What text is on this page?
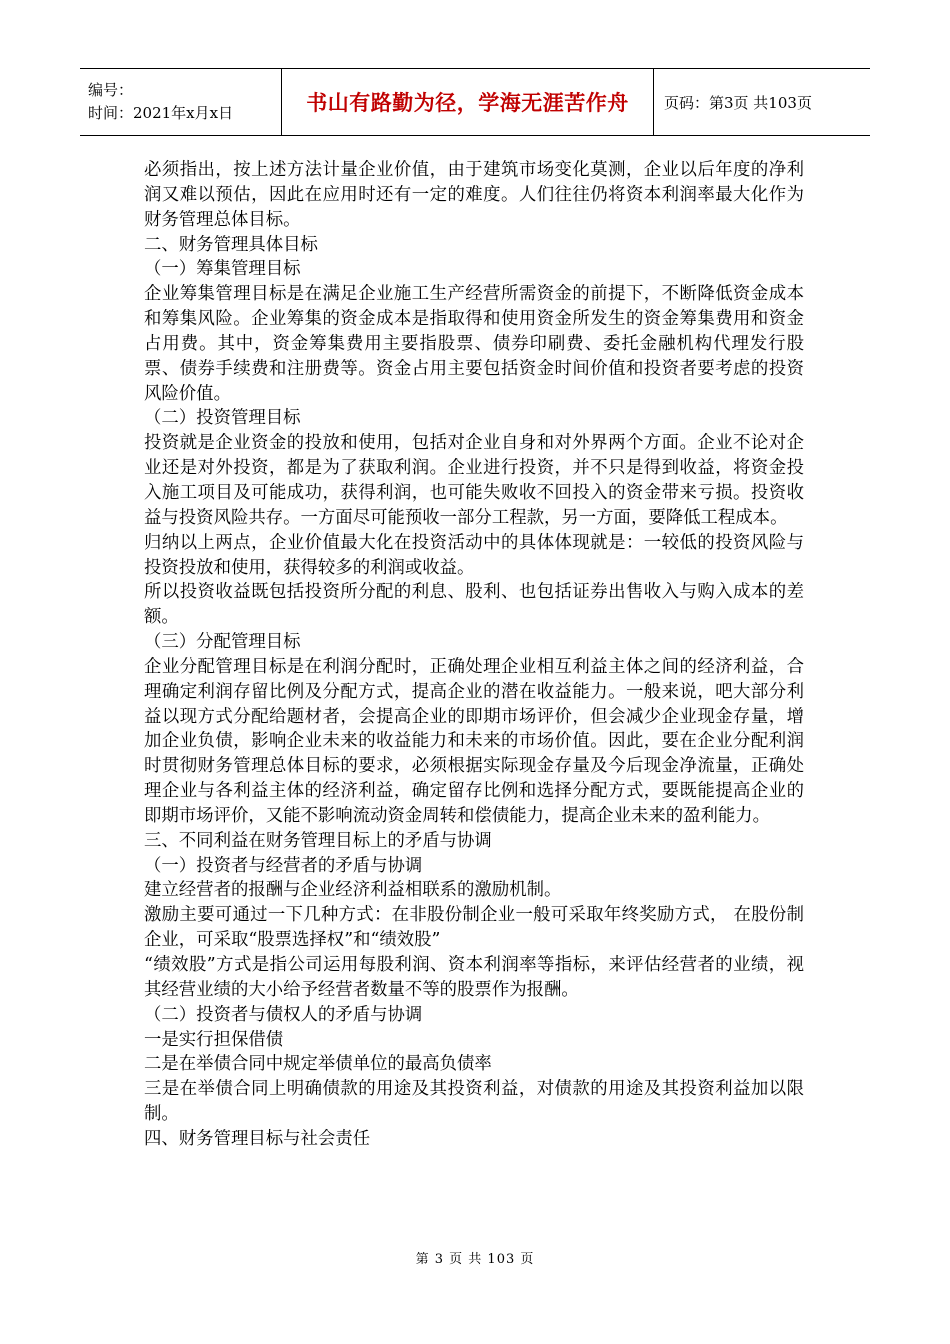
编号：
时间：2021年x月x日	书山有路勤为径，学海无涯苦作舟	页码：第3页 共103页

必须指出，按上述方法计量企业价值，由于建筑市场变化莫测，企业以后年度的净利润又难以预估，因此在应用时还有一定的难度。人们往往仍将资本利润率最大化作为财务管理总体目标。

二、财务管理具体目标

（一）筹集管理目标

企业筹集管理目标是在满足企业施工生产经营所需资金的前提下，不断降低资金成本和筹集风险。企业筹集的资金成本是指取得和使用资金所发生的资金筹集费用和资金占用费。其中，资金筹集费用主要指股票、债券印刷费、委托金融机构代理发行股票、债券手续费和注册费等。资金占用主要包括资金时间价值和投资者要考虑的投资风险价值。

（二）投资管理目标

投资就是企业资金的投放和使用，包括对企业自身和对外界两个方面。企业不论对企业还是对外投资，都是为了获取利润。企业进行投资，并不只是得到收益，将资金投入施工项目及可能成功，获得利润，也可能失败收不回投入的资金带来亏损。投资收益与投资风险共存。一方面尽可能预收一部分工程款，另一方面，要降低工程成本。

归纳以上两点，企业价值最大化在投资活动中的具体体现就是：一较低的投资风险与投资投放和使用，获得较多的利润或收益。

所以投资收益既包括投资所分配的利息、股利、也包括证券出售收入与购入成本的差额。

（三）分配管理目标

企业分配管理目标是在利润分配时，正确处理企业相互利益主体之间的经济利益，合理确定利润存留比例及分配方式，提高企业的潜在收益能力。一般来说，吧大部分利益以现方式分配给题材者，会提高企业的即期市场评价，但会减少企业现金存量，增加企业负债，影响企业未来的收益能力和未来的市场价值。因此，要在企业分配利润时贯彻财务管理总体目标的要求，必须根据实际现金存量及今后现金净流量，正确处理企业与各利益主体的经济利益，确定留存比例和选择分配方式，要既能提高企业的即期市场评价，又能不影响流动资金周转和偿债能力，提高企业未来的盈利能力。

三、不同利益在财务管理目标上的矛盾与协调

（一）投资者与经营者的矛盾与协调

建立经营者的报酬与企业经济利益相联系的激励机制。

激励主要可通过一下几种方式：在非股份制企业一般可采取年终奖励方式， 在股份制企业，可采取“股票选择权”和“绩效股”

“绩效股”方式是指公司运用每股利润、资本利润率等指标，来评估经营者的业绩，视其经营业绩的大小给予经营者数量不等的股票作为报酬。

（二）投资者与债权人的矛盾与协调

一是实行担保借债

二是在举债合同中规定举债单位的最高负债率

三是在举债合同上明确债款的用途及其投资利益，对债款的用途及其投资利益加以限制。

四、财务管理目标与社会责任

第 3 页 共 103 页
